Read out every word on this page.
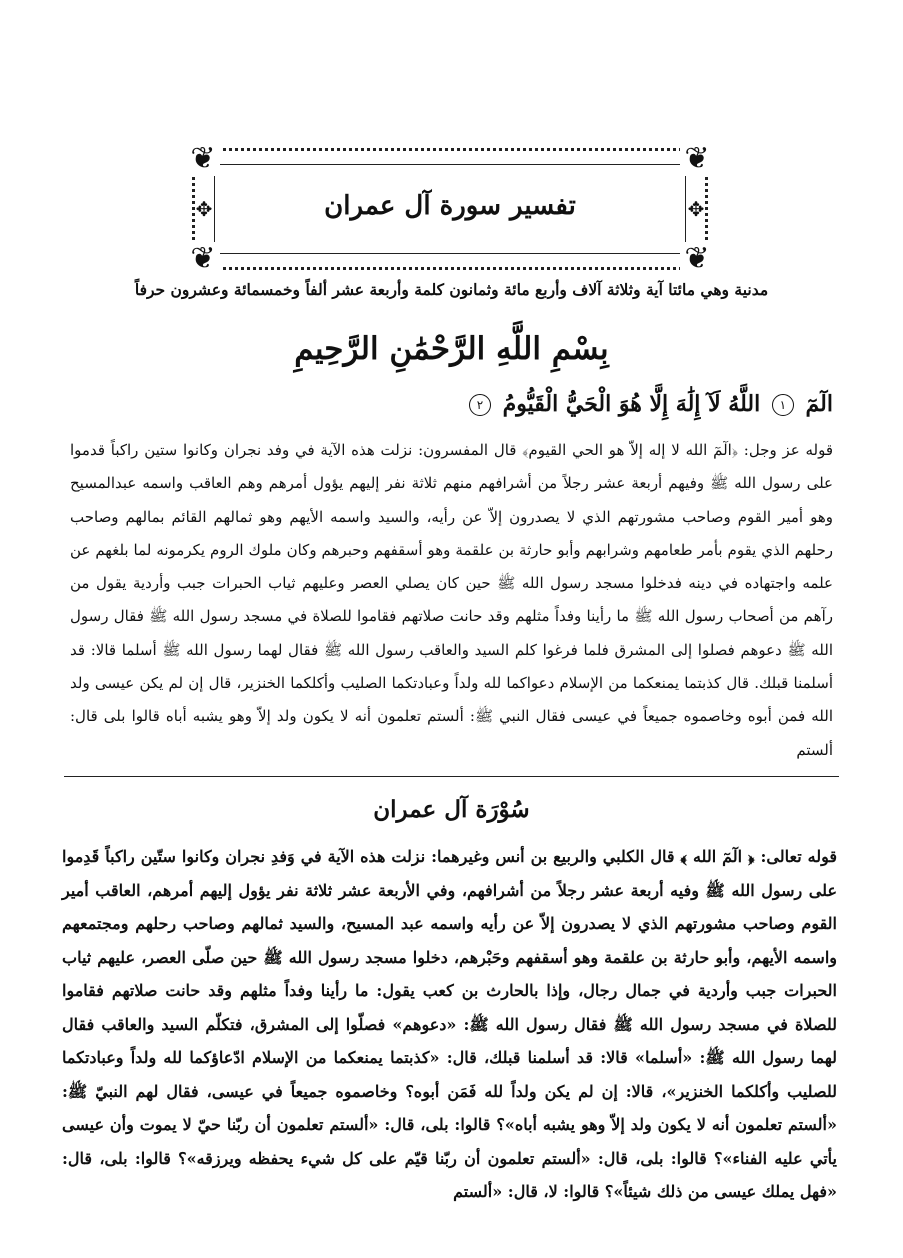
❦	❦
❦	❦
✥	✥
تفسير سورة آل عمران
مدنية وهي مائتا آية وثلاثة آلاف وأربع مائة وثمانون كلمة وأربعة عشر ألفاً وخمسمائة وعشرون حرفاً
بِسْمِ اللَّهِ الرَّحْمَٰنِ الرَّحِيمِ
الٓمٓ ١ اللَّهُ لَآ إِلَٰهَ إِلَّا هُوَ الْحَيُّ الْقَيُّومُ ٢
قوله عز وجل: ﴿الٓمٓ الله لا إله إلاّ هو الحي القيوم﴾ قال المفسرون: نزلت هذه الآية في وفد نجران وكانوا ستين راكباً قدموا على رسول الله ﷺ وفيهم أربعة عشر رجلاً من أشرافهم منهم ثلاثة نفر إليهم يؤول أمرهم وهم العاقب واسمه عبدالمسيح وهو أمير القوم وصاحب مشورتهم الذي لا يصدرون إلاّ عن رأيه، والسيد واسمه الأيهم وهو ثمالهم القائم بمالهم وصاحب رحلهم الذي يقوم بأمر طعامهم وشرابهم وأبو حارثة بن علقمة وهو أسقفهم وحبرهم وكان ملوك الروم يكرمونه لما بلغهم عن علمه واجتهاده في دينه فدخلوا مسجد رسول الله ﷺ حين كان يصلي العصر وعليهم ثياب الحبرات جبب وأردية يقول من رآهم من أصحاب رسول الله ﷺ ما رأينا وفداً مثلهم وقد حانت صلاتهم فقاموا للصلاة في مسجد رسول الله ﷺ فقال رسول الله ﷺ دعوهم فصلوا إلى المشرق فلما فرغوا كلم السيد والعاقب رسول الله ﷺ فقال لهما رسول الله ﷺ أسلما قالا: قد أسلمنا قبلك. قال كذبتما يمنعكما من الإسلام دعواكما لله ولداً وعبادتكما الصليب وأكلكما الخنزير، قال إن لم يكن عيسى ولد الله فمن أبوه وخاصموه جميعاً في عيسى فقال النبي ﷺ: ألستم تعلمون أنه لا يكون ولد إلاّ وهو يشبه أباه قالوا بلى قال: ألستم
سُوْرَة آل عمران
قوله تعالى: ﴿ الٓمٓ الله ﴾ قال الكلبي والربيع بن أنس وغيرهما: نزلت هذه الآية في وَفدِ نجران وكانوا ستّين راكباً قَدِموا على رسول الله ﷺ وفيه أربعة عشر رجلاً من أشرافهم، وفي الأربعة عشر ثلاثة نفر يؤول إليهم أمرهم، العاقب أمير القوم وصاحب مشورتهم الذي لا يصدرون إلاّ عن رأيه واسمه عبد المسيح، والسيد ثمالهم وصاحب رحلهم ومجتمعهم واسمه الأيهم، وأبو حارثة بن علقمة وهو أسقفهم وحَبْرهم، دخلوا مسجد رسول الله ﷺ حين صلّى العصر، عليهم ثياب الحبرات جبب وأردية في جمال رجال، وإذا بالحارث بن كعب يقول: ما رأينا وفداً مثلهم وقد حانت صلاتهم فقاموا للصلاة في مسجد رسول الله ﷺ فقال رسول الله ﷺ: «دعوهم» فصلّوا إلى المشرق، فتكلّم السيد والعاقب فقال لهما رسول الله ﷺ: «أسلما» قالا: قد أسلمنا قبلك، قال: «كذبتما يمنعكما من الإسلام ادّعاؤكما لله ولداً وعبادتكما للصليب وأكلكما الخنزير»، قالا: إن لم يكن ولداً لله فَمَن أبوه؟ وخاصموه جميعاً في عيسى، فقال لهم النبيّ ﷺ: «ألستم تعلمون أنه لا يكون ولد إلاّ وهو يشبه أباه»؟ قالوا: بلى، قال: «ألستم تعلمون أن ربّنا حيّ لا يموت وأن عيسى يأتي عليه الفناء»؟ قالوا: بلى، قال: «ألستم تعلمون أن ربّنا قيّم على كل شيء يحفظه ويرزقه»؟ قالوا: بلى، قال: «فهل يملك عيسى من ذلك شيئاً»؟ قالوا: لا، قال: «ألستم
